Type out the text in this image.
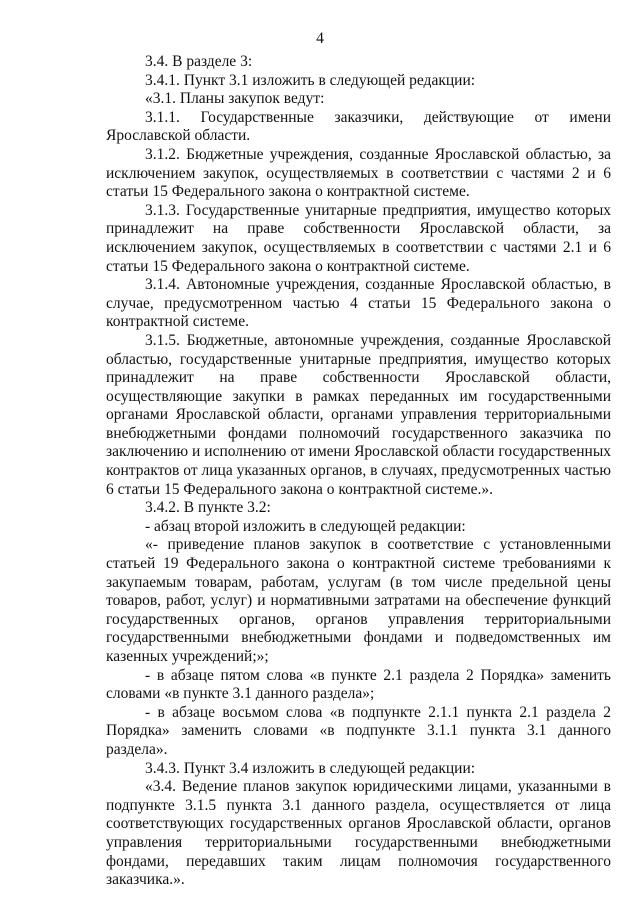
4

3.4. В разделе 3:

3.4.1. Пункт 3.1 изложить в следующей редакции:

«3.1. Планы закупок ведут:

3.1.1. Государственные заказчики, действующие от имени Ярославской области.

3.1.2. Бюджетные учреждения, созданные Ярославской областью, за исключением закупок, осуществляемых в соответствии с частями 2 и 6 статьи 15 Федерального закона о контрактной системе.

3.1.3. Государственные унитарные предприятия, имущество которых принадлежит на праве собственности Ярославской области, за исключением закупок, осуществляемых в соответствии с частями 2.1 и 6 статьи 15 Федерального закона о контрактной системе.

3.1.4. Автономные учреждения, созданные Ярославской областью, в случае, предусмотренном частью 4 статьи 15 Федерального закона о контрактной системе.

3.1.5. Бюджетные, автономные учреждения, созданные Ярославской областью, государственные унитарные предприятия, имущество которых принадлежит на праве собственности Ярославской области, осуществляющие закупки в рамках переданных им государственными органами Ярославской области, органами управления территориальными внебюджетными фондами полномочий государственного заказчика по заключению и исполнению от имени Ярославской области государственных контрактов от лица указанных органов, в случаях, предусмотренных частью 6 статьи 15 Федерального закона о контрактной системе.».

3.4.2. В пункте 3.2:

- абзац второй изложить в следующей редакции:

«- приведение планов закупок в соответствие с установленными статьей 19 Федерального закона о контрактной системе требованиями к закупаемым товарам, работам, услугам (в том числе предельной цены товаров, работ, услуг) и нормативными затратами на обеспечение функций государственных органов, органов управления территориальными государственными внебюджетными фондами и подведомственных им казенных учреждений;»;

- в абзаце пятом слова «в пункте 2.1 раздела 2 Порядка» заменить словами «в пункте 3.1 данного раздела»;

- в абзаце восьмом слова «в подпункте 2.1.1 пункта 2.1 раздела 2 Порядка» заменить словами «в подпункте 3.1.1 пункта 3.1 данного раздела».

3.4.3. Пункт 3.4 изложить в следующей редакции:

«3.4. Ведение планов закупок юридическими лицами, указанными в подпункте 3.1.5 пункта 3.1 данного раздела, осуществляется от лица соответствующих государственных органов Ярославской области, органов управления территориальными государственными внебюджетными фондами, передавших таким лицам полномочия государственного заказчика.».
